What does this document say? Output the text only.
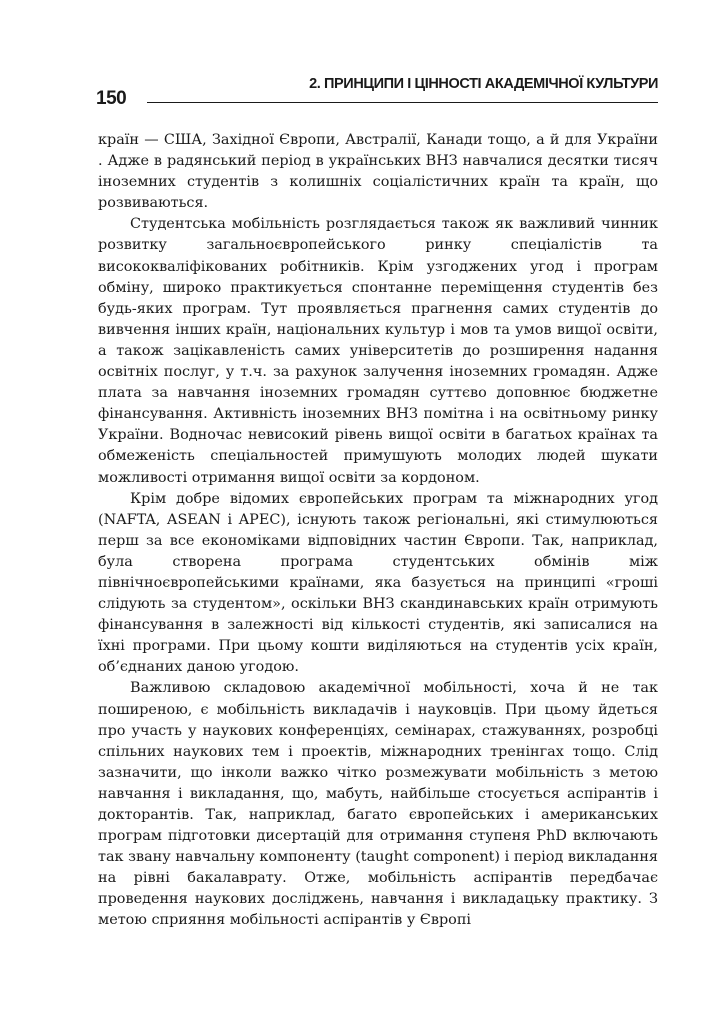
150
2. ПРИНЦИПИ І ЦІННОСТІ АКАДЕМІЧНОЇ КУЛЬТУРИ

країн — США, Західної Європи, Австралії, Канади тощо, а й для України . Адже в радянський період в українських ВНЗ навчалися десятки тисяч іноземних студентів з колишніх соціалістичних країн та країн, що розвиваються.

Студентська мобільність розглядається також як важливий чинник розвитку загальноєвропейського ринку спеціалістів та висококваліфікованих робітників. Крім узгоджених угод і програм обміну, широко практикується спонтанне переміщення студентів без будь-яких програм. Тут проявляється прагнення самих студентів до вивчення інших країн, національних культур і мов та умов вищої освіти, а також зацікавленість самих університетів до розширення надання освітніх послуг, у т.ч. за рахунок залучення іноземних громадян. Адже плата за навчання іноземних громадян суттєво доповнює бюджетне фінансування. Активність іноземних ВНЗ помітна і на освітньому ринку України. Водночас невисокий рівень вищої освіти в багатьох країнах та обмеженість спеціальностей примушують молодих людей шукати можливості отримання вищої освіти за кордоном.

Крім добре відомих європейських програм та міжнародних угод (NAFTA, ASEAN і APEC), існують також регіональні, які стимулюються перш за все економіками відповідних частин Європи. Так, наприклад, була створена програма студентських обмінів між північноєвропейськими країнами, яка базується на принципі «гроші слідують за студентом», оскільки ВНЗ скандинавських країн отримують фінансування в залежності від кількості студентів, які записалися на їхні програми. При цьому кошти виділяються на студентів усіх країн, об’єднаних даною угодою.

Важливою складовою академічної мобільності, хоча й не так поширеною, є мобільність викладачів і науковців. При цьому йдеться про участь у наукових конференціях, семінарах, стажуваннях, розробці спільних наукових тем і проектів, міжнародних тренінгах тощо. Слід зазначити, що інколи важко чітко розмежувати мобільність з метою навчання і викладання, що, мабуть, найбільше стосується аспірантів і докторантів. Так, наприклад, багато європейських і американських програм підготовки дисертацій для отримання ступеня PhD включають так звану навчальну компоненту (taught component) і період викладання на рівні бакалаврату. Отже, мобільність аспірантів передбачає проведення наукових досліджень, навчання і викладацьку практику. З метою сприяння мобільності аспірантів у Європі
